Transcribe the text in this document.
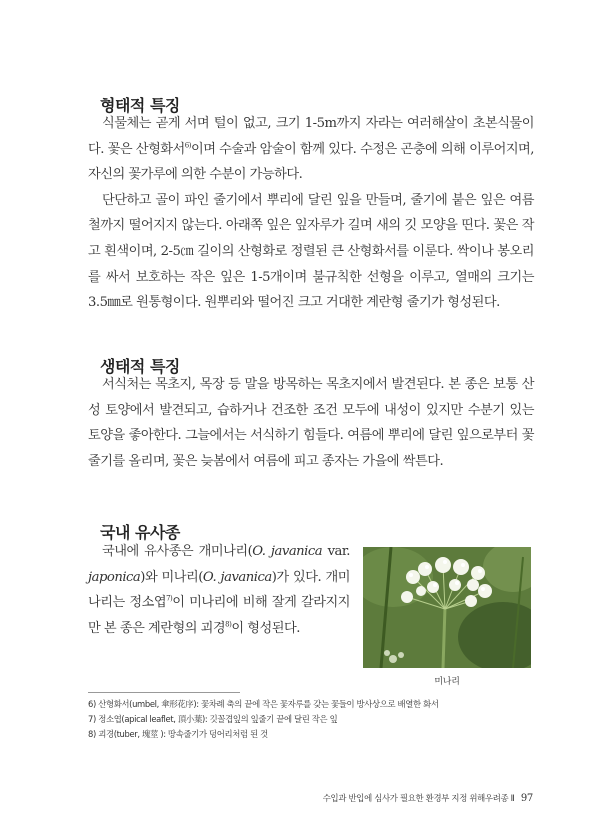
형태적 특징

식물체는 곧게 서며 털이 없고, 크기 1-5m까지 자라는 여러해살이 초본식물이다. 꽃은 산형화서$^{6)}$이며 수술과 암술이 함께 있다. 수정은 곤충에 의해 이루어지며, 자신의 꽃가루에 의한 수분이 가능하다.

단단하고 골이 파인 줄기에서 뿌리에 달린 잎을 만들며, 줄기에 붙은 잎은 여름철까지 떨어지지 않는다. 아래쪽 잎은 잎자루가 길며 새의 깃 모양을 띤다. 꽃은 작고 흰색이며, 2-5㎝ 길이의 산형화로 정렬된 큰 산형화서를 이룬다. 싹이나 봉오리를 싸서 보호하는 작은 잎은 1-5개이며 불규칙한 선형을 이루고, 열매의 크기는 3.5㎜로 원통형이다. 원뿌리와 떨어진 크고 거대한 계란형 줄기가 형성된다.

생태적 특징

서식처는 목초지, 목장 등 말을 방목하는 목초지에서 발견된다. 본 종은 보통 산성 토양에서 발견되고, 습하거나 건조한 조건 모두에 내성이 있지만 수분기 있는 토양을 좋아한다. 그늘에서는 서식하기 힘들다. 여름에 뿌리에 달린 잎으로부터 꽃줄기를 올리며, 꽃은 늦봄에서 여름에 피고 종자는 가을에 싹튼다.

국내 유사종

국내에 유사종은 개미나리(O. javanica var. japonica)와 미나리(O. javanica)가 있다. 개미나리는 정소엽$^{7)}$이 미나리에 비해 잘게 갈라지지만 본 종은 계란형의 괴경$^{8)}$이 형성된다.

미나리
6) 산형화서(umbel, 傘形花序): 꽃차례 축의 끝에 작은 꽃자루를 갖는 꽃들이 방사상으로 배열한 화서
7) 정소엽(apical leaflet, 頂小葉): 깃꼴겹잎의 잎줄기 끝에 달린 작은 잎
8) 괴경(tuber, 塊莖 ): 땅속줄기가 덩어리처럼 된 것
수입과 반입에 심사가 필요한 환경부 지정 위해우려종 Ⅱ 97
